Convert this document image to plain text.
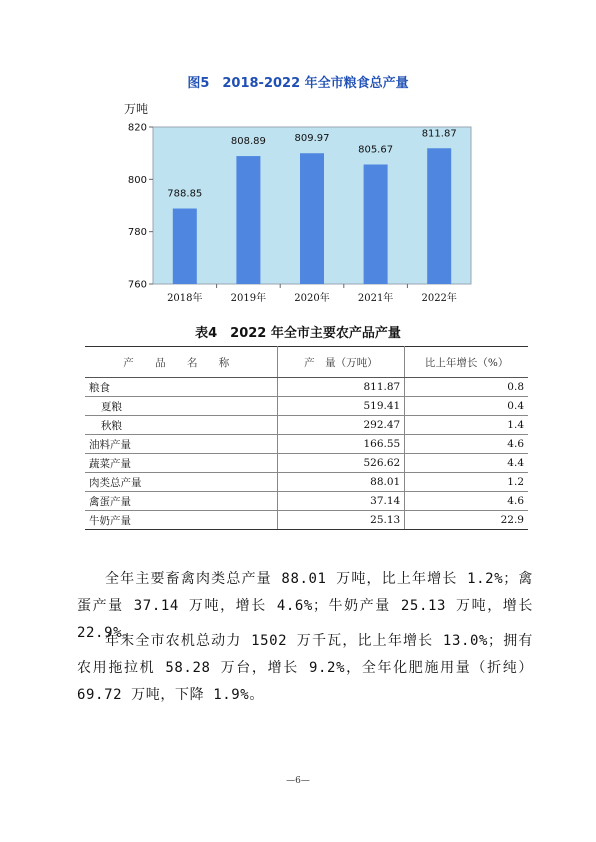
图5　2018-2022 年全市粮食总产量
万吨
760
780
800
820
788.85
2018年
808.89
2019年
809.97
2020年
805.67
2021年
811.87
2022年
表4　2022 年全市主要农产品产量
产 品 名 称	产　量（万吨）	比上年增长（%）
粮食	811.87	0.8
夏粮	519.41	0.4
秋粮	292.47	1.4
油料产量	166.55	4.6
蔬菜产量	526.62	4.4
肉类总产量	88.01	1.2
禽蛋产量	37.14	4.6
牛奶产量	25.13	22.9

全年主要畜禽肉类总产量 88.01 万吨，比上年增长 1.2%；禽蛋产量 37.14 万吨，增长 4.6%；牛奶产量 25.13 万吨，增长 22.9%。

年末全市农机总动力 1502 万千瓦，比上年增长 13.0%；拥有农用拖拉机 58.28 万台，增长 9.2%，全年化肥施用量（折纯）69.72 万吨，下降 1.9%。

—6—
